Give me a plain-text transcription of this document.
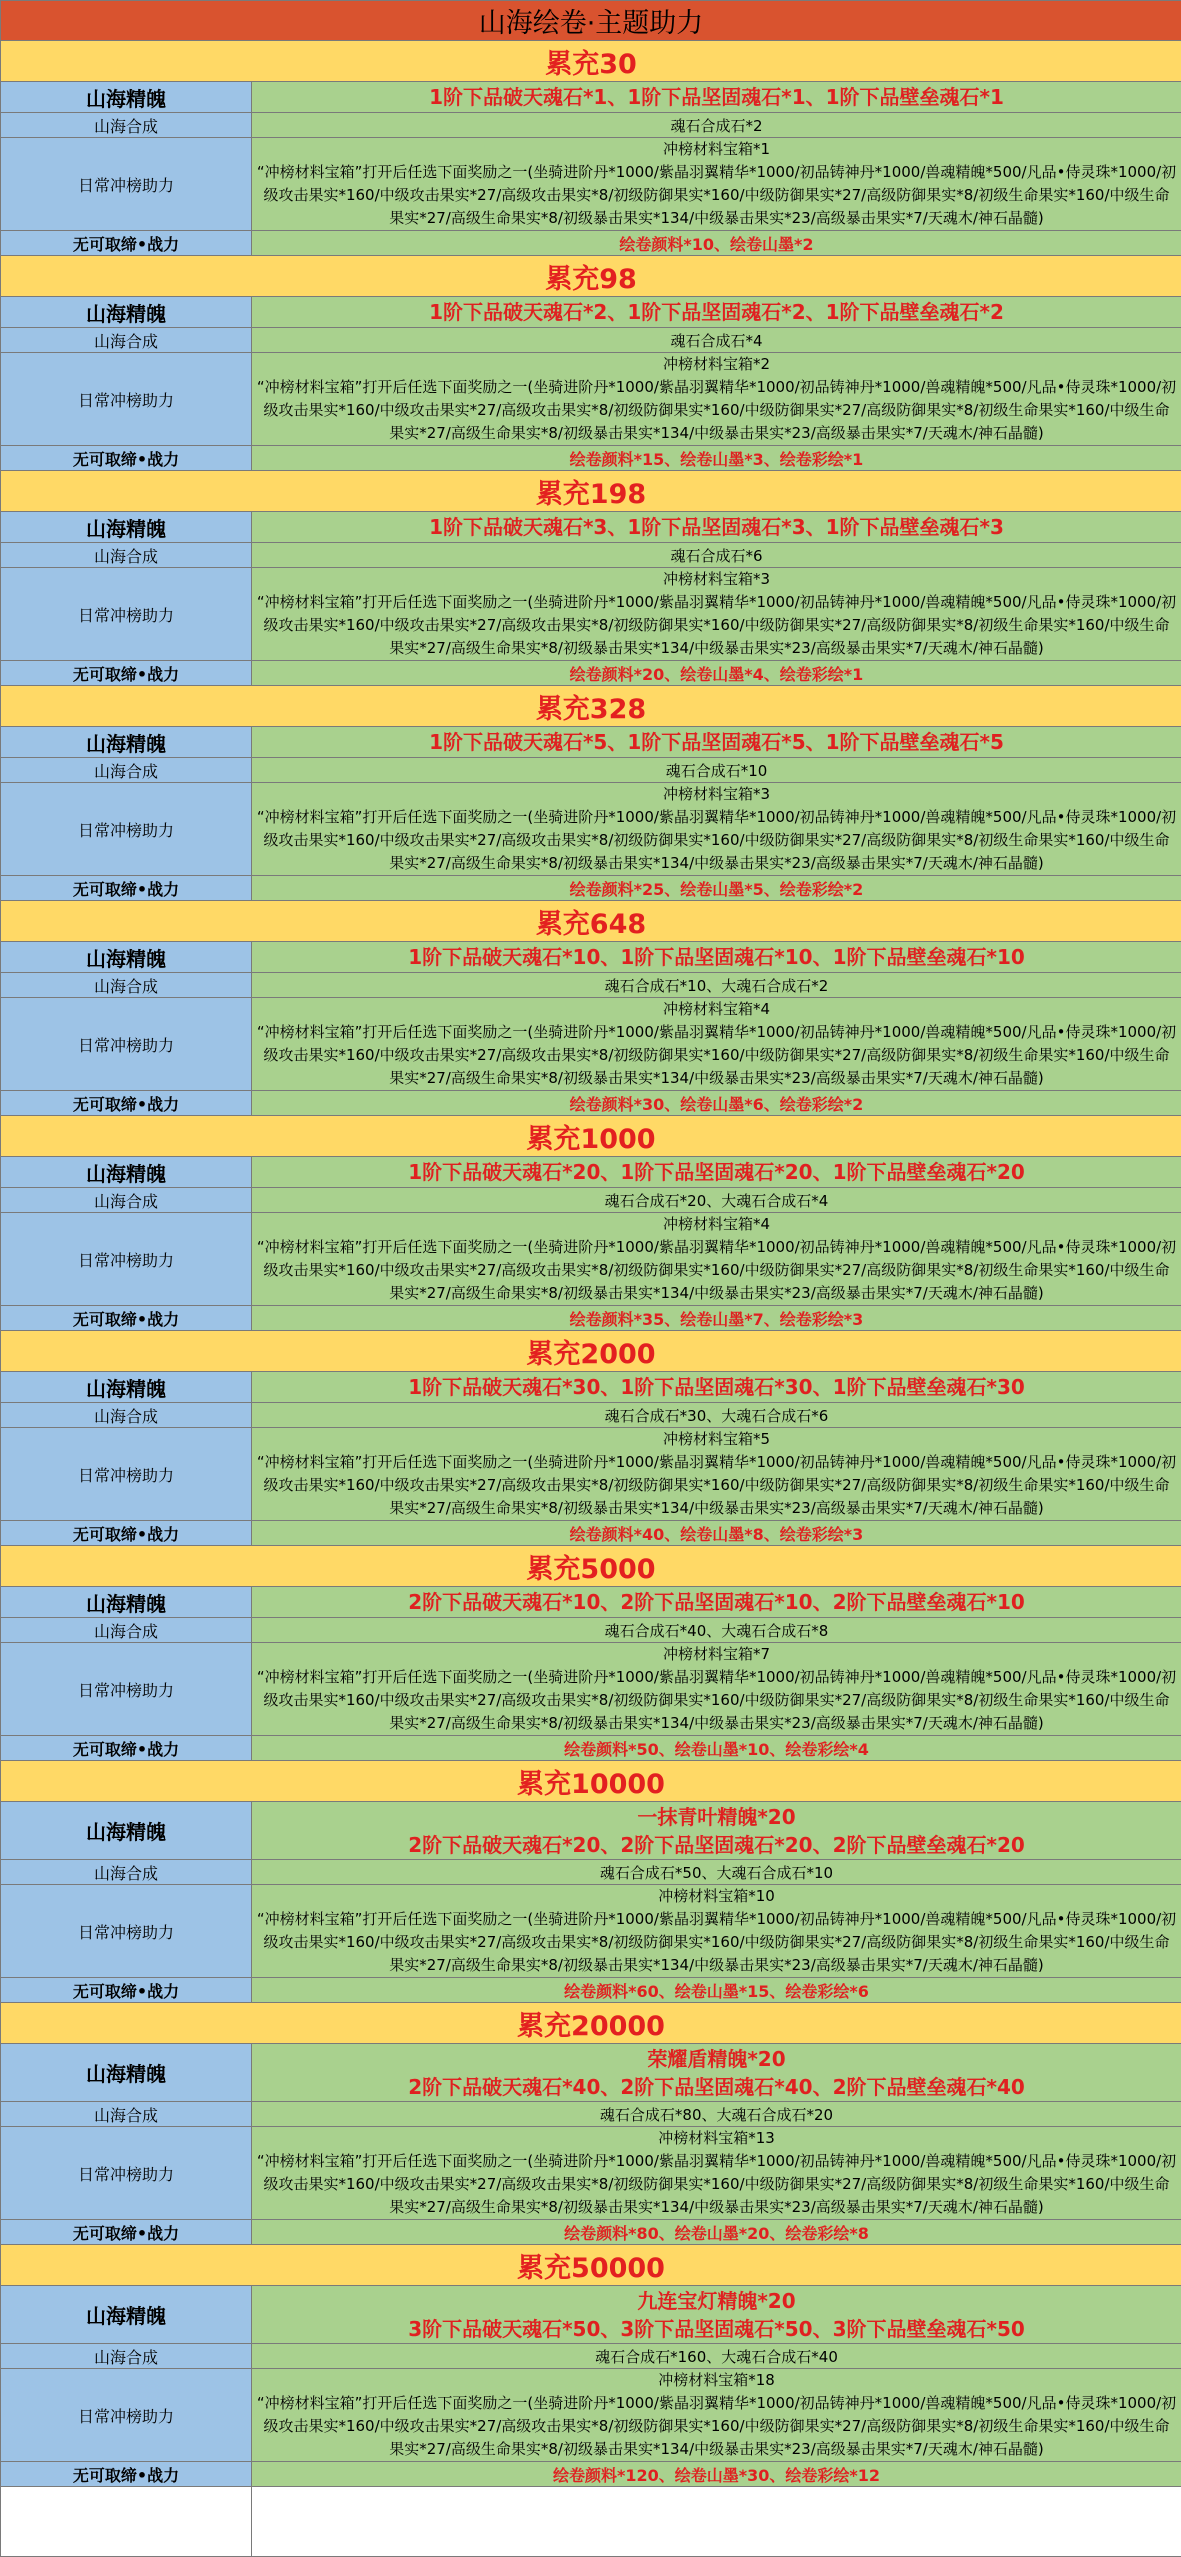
山海绘卷·主题助力	
累充30	
山海精魄	1阶下品破天魂石*1、1阶下品坚固魂石*1、1阶下品壁垒魂石*1

山海合成	魂石合成石*2
日常冲榜助力	冲榜材料宝箱*1
“冲榜材料宝箱”打开后任选下面奖励之一(坐骑进阶丹*1000/紫晶羽翼精华*1000/初品铸神丹*1000/兽魂精魄*500/凡品•侍灵珠*1000/初级攻击果实*160/中级攻击果实*27/高级攻击果实*8/初级防御果实*160/中级防御果实*27/高级防御果实*8/初级生命果实*160/中级生命果实*27/高级生命果实*8/初级暴击果实*134/中级暴击果实*23/高级暴击果实*7/天魂木/神石晶髓)

无可取缔•战力	绘卷颜料*10、绘卷山墨*2
累充98	
山海精魄	1阶下品破天魂石*2、1阶下品坚固魂石*2、1阶下品壁垒魂石*2

山海合成	魂石合成石*4
日常冲榜助力	冲榜材料宝箱*2
“冲榜材料宝箱”打开后任选下面奖励之一(坐骑进阶丹*1000/紫晶羽翼精华*1000/初品铸神丹*1000/兽魂精魄*500/凡品•侍灵珠*1000/初级攻击果实*160/中级攻击果实*27/高级攻击果实*8/初级防御果实*160/中级防御果实*27/高级防御果实*8/初级生命果实*160/中级生命果实*27/高级生命果实*8/初级暴击果实*134/中级暴击果实*23/高级暴击果实*7/天魂木/神石晶髓)

无可取缔•战力	绘卷颜料*15、绘卷山墨*3、绘卷彩绘*1
累充198	
山海精魄	1阶下品破天魂石*3、1阶下品坚固魂石*3、1阶下品壁垒魂石*3

山海合成	魂石合成石*6
日常冲榜助力	冲榜材料宝箱*3
“冲榜材料宝箱”打开后任选下面奖励之一(坐骑进阶丹*1000/紫晶羽翼精华*1000/初品铸神丹*1000/兽魂精魄*500/凡品•侍灵珠*1000/初级攻击果实*160/中级攻击果实*27/高级攻击果实*8/初级防御果实*160/中级防御果实*27/高级防御果实*8/初级生命果实*160/中级生命果实*27/高级生命果实*8/初级暴击果实*134/中级暴击果实*23/高级暴击果实*7/天魂木/神石晶髓)

无可取缔•战力	绘卷颜料*20、绘卷山墨*4、绘卷彩绘*1
累充328	
山海精魄	1阶下品破天魂石*5、1阶下品坚固魂石*5、1阶下品壁垒魂石*5

山海合成	魂石合成石*10
日常冲榜助力	冲榜材料宝箱*3
“冲榜材料宝箱”打开后任选下面奖励之一(坐骑进阶丹*1000/紫晶羽翼精华*1000/初品铸神丹*1000/兽魂精魄*500/凡品•侍灵珠*1000/初级攻击果实*160/中级攻击果实*27/高级攻击果实*8/初级防御果实*160/中级防御果实*27/高级防御果实*8/初级生命果实*160/中级生命果实*27/高级生命果实*8/初级暴击果实*134/中级暴击果实*23/高级暴击果实*7/天魂木/神石晶髓)

无可取缔•战力	绘卷颜料*25、绘卷山墨*5、绘卷彩绘*2
累充648	
山海精魄	1阶下品破天魂石*10、1阶下品坚固魂石*10、1阶下品壁垒魂石*10

山海合成	魂石合成石*10、大魂石合成石*2
日常冲榜助力	冲榜材料宝箱*4
“冲榜材料宝箱”打开后任选下面奖励之一(坐骑进阶丹*1000/紫晶羽翼精华*1000/初品铸神丹*1000/兽魂精魄*500/凡品•侍灵珠*1000/初级攻击果实*160/中级攻击果实*27/高级攻击果实*8/初级防御果实*160/中级防御果实*27/高级防御果实*8/初级生命果实*160/中级生命果实*27/高级生命果实*8/初级暴击果实*134/中级暴击果实*23/高级暴击果实*7/天魂木/神石晶髓)

无可取缔•战力	绘卷颜料*30、绘卷山墨*6、绘卷彩绘*2
累充1000	
山海精魄	1阶下品破天魂石*20、1阶下品坚固魂石*20、1阶下品壁垒魂石*20

山海合成	魂石合成石*20、大魂石合成石*4
日常冲榜助力	冲榜材料宝箱*4
“冲榜材料宝箱”打开后任选下面奖励之一(坐骑进阶丹*1000/紫晶羽翼精华*1000/初品铸神丹*1000/兽魂精魄*500/凡品•侍灵珠*1000/初级攻击果实*160/中级攻击果实*27/高级攻击果实*8/初级防御果实*160/中级防御果实*27/高级防御果实*8/初级生命果实*160/中级生命果实*27/高级生命果实*8/初级暴击果实*134/中级暴击果实*23/高级暴击果实*7/天魂木/神石晶髓)

无可取缔•战力	绘卷颜料*35、绘卷山墨*7、绘卷彩绘*3
累充2000	
山海精魄	1阶下品破天魂石*30、1阶下品坚固魂石*30、1阶下品壁垒魂石*30

山海合成	魂石合成石*30、大魂石合成石*6
日常冲榜助力	冲榜材料宝箱*5
“冲榜材料宝箱”打开后任选下面奖励之一(坐骑进阶丹*1000/紫晶羽翼精华*1000/初品铸神丹*1000/兽魂精魄*500/凡品•侍灵珠*1000/初级攻击果实*160/中级攻击果实*27/高级攻击果实*8/初级防御果实*160/中级防御果实*27/高级防御果实*8/初级生命果实*160/中级生命果实*27/高级生命果实*8/初级暴击果实*134/中级暴击果实*23/高级暴击果实*7/天魂木/神石晶髓)

无可取缔•战力	绘卷颜料*40、绘卷山墨*8、绘卷彩绘*3
累充5000	
山海精魄	2阶下品破天魂石*10、2阶下品坚固魂石*10、2阶下品壁垒魂石*10

山海合成	魂石合成石*40、大魂石合成石*8
日常冲榜助力	冲榜材料宝箱*7
“冲榜材料宝箱”打开后任选下面奖励之一(坐骑进阶丹*1000/紫晶羽翼精华*1000/初品铸神丹*1000/兽魂精魄*500/凡品•侍灵珠*1000/初级攻击果实*160/中级攻击果实*27/高级攻击果实*8/初级防御果实*160/中级防御果实*27/高级防御果实*8/初级生命果实*160/中级生命果实*27/高级生命果实*8/初级暴击果实*134/中级暴击果实*23/高级暴击果实*7/天魂木/神石晶髓)

无可取缔•战力	绘卷颜料*50、绘卷山墨*10、绘卷彩绘*4
累充10000	
山海精魄	一抹青叶精魄*20
2阶下品破天魂石*20、2阶下品坚固魂石*20、2阶下品壁垒魂石*20

山海合成	魂石合成石*50、大魂石合成石*10
日常冲榜助力	冲榜材料宝箱*10
“冲榜材料宝箱”打开后任选下面奖励之一(坐骑进阶丹*1000/紫晶羽翼精华*1000/初品铸神丹*1000/兽魂精魄*500/凡品•侍灵珠*1000/初级攻击果实*160/中级攻击果实*27/高级攻击果实*8/初级防御果实*160/中级防御果实*27/高级防御果实*8/初级生命果实*160/中级生命果实*27/高级生命果实*8/初级暴击果实*134/中级暴击果实*23/高级暴击果实*7/天魂木/神石晶髓)

无可取缔•战力	绘卷颜料*60、绘卷山墨*15、绘卷彩绘*6
累充20000	
山海精魄	荣耀盾精魄*20
2阶下品破天魂石*40、2阶下品坚固魂石*40、2阶下品壁垒魂石*40

山海合成	魂石合成石*80、大魂石合成石*20
日常冲榜助力	冲榜材料宝箱*13
“冲榜材料宝箱”打开后任选下面奖励之一(坐骑进阶丹*1000/紫晶羽翼精华*1000/初品铸神丹*1000/兽魂精魄*500/凡品•侍灵珠*1000/初级攻击果实*160/中级攻击果实*27/高级攻击果实*8/初级防御果实*160/中级防御果实*27/高级防御果实*8/初级生命果实*160/中级生命果实*27/高级生命果实*8/初级暴击果实*134/中级暴击果实*23/高级暴击果实*7/天魂木/神石晶髓)

无可取缔•战力	绘卷颜料*80、绘卷山墨*20、绘卷彩绘*8
累充50000	
山海精魄	九连宝灯精魄*20
3阶下品破天魂石*50、3阶下品坚固魂石*50、3阶下品壁垒魂石*50

山海合成	魂石合成石*160、大魂石合成石*40
日常冲榜助力	冲榜材料宝箱*18
“冲榜材料宝箱”打开后任选下面奖励之一(坐骑进阶丹*1000/紫晶羽翼精华*1000/初品铸神丹*1000/兽魂精魄*500/凡品•侍灵珠*1000/初级攻击果实*160/中级攻击果实*27/高级攻击果实*8/初级防御果实*160/中级防御果实*27/高级防御果实*8/初级生命果实*160/中级生命果实*27/高级生命果实*8/初级暴击果实*134/中级暴击果实*23/高级暴击果实*7/天魂木/神石晶髓)

无可取缔•战力	绘卷颜料*120、绘卷山墨*30、绘卷彩绘*12
